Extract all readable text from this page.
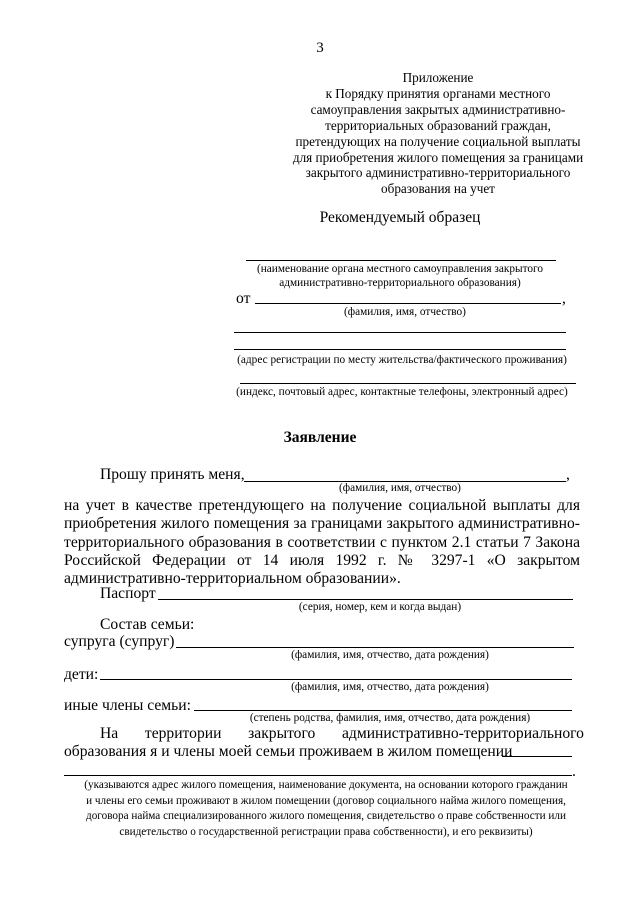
3
Приложение
к Порядку принятия органами местного
самоуправления закрытых административно-
территориальных образований граждан,
претендующих на получение социальной выплаты
для приобретения жилого помещения за границами
закрытого административно-территориального
образования на учет
Рекомендуемый образец
(наименование органа местного самоуправления закрытого
административно-территориального образования)
от	,
(фамилия, имя, отчество)
(адрес регистрации по месту жительства/фактического проживания)
(индекс, почтовый адрес, контактные телефоны, электронный адрес)
Заявление
Прошу принять меня,	,
(фамилия, имя, отчество)
на учет в качестве претендующего на получение социальной выплаты для
приобретения жилого помещения за границами закрытого административно-
территориального образования в соответствии с пунктом 2.1 статьи 7 Закона
Российской Федерации от 14 июля 1992 г. № 3297-1 «О закрытом
административно-территориальном образовании».
Паспорт
(серия, номер, кем и когда выдан)
Состав семьи:
супруга (супруг)
(фамилия, имя, отчество, дата рождения)
дети:
(фамилия, имя, отчество, дата рождения)
иные члены семьи:
(степень родства, фамилия, имя, отчество, дата рождения)
На территории закрытого административно-территориального
образования я и члены моей семьи проживаем в жилом помещении
.
(указываются адрес жилого помещения, наименование документа, на основании которого гражданин
и члены его семьи проживают в жилом помещении (договор социального найма жилого помещения,
договора найма специализированного жилого помещения, свидетельство о праве собственности или
свидетельство о государственной регистрации права собственности), и его реквизиты)
